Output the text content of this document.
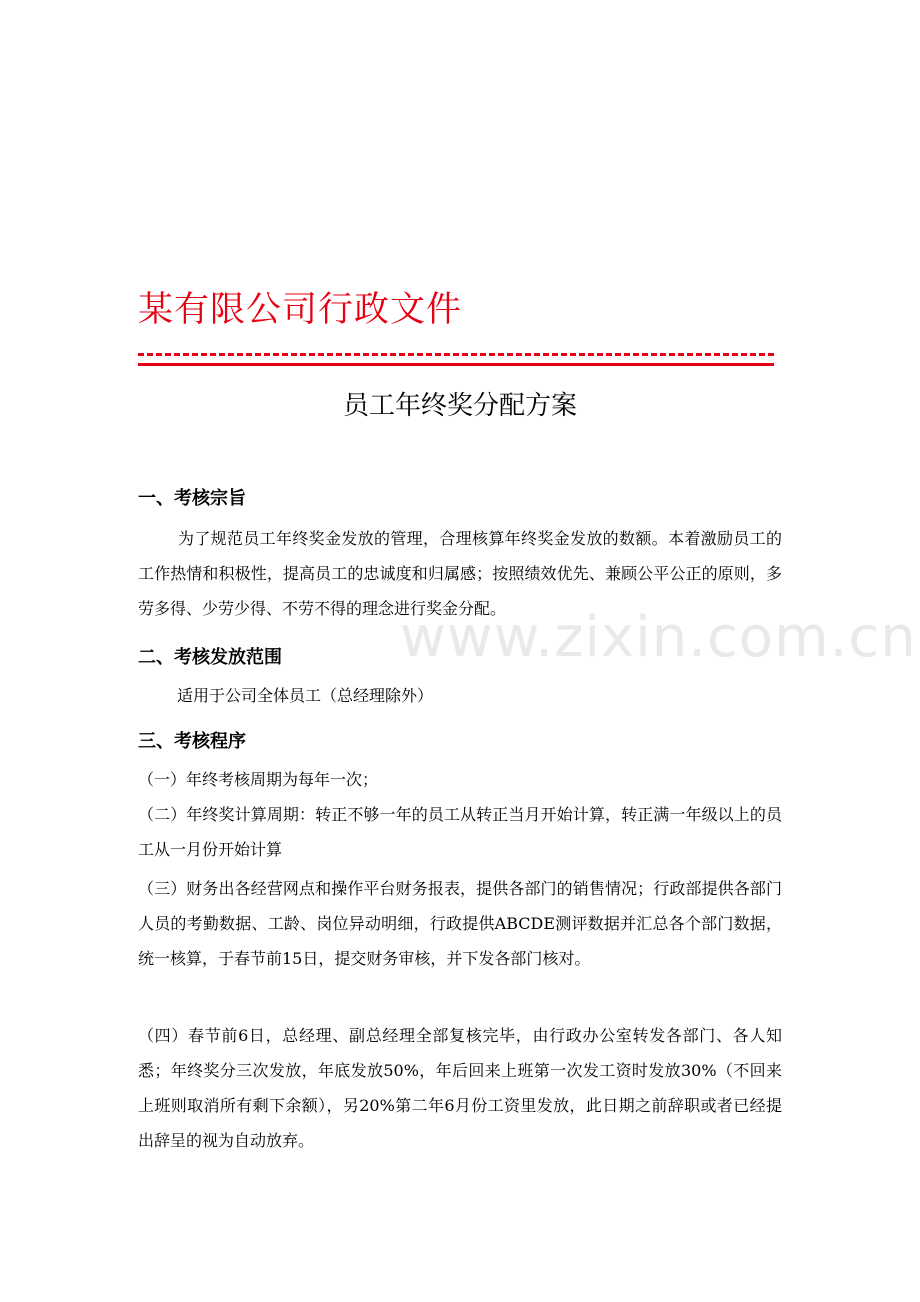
www.zixin.com.cn
某有限公司行政文件
员工年终奖分配方案
一、考核宗旨
为了规范员工年终奖金发放的管理，合理核算年终奖金发放的数额。本着激励员工的工作热情和积极性，提高员工的忠诚度和归属感；按照绩效优先、兼顾公平公正的原则，多劳多得、少劳少得、不劳不得的理念进行奖金分配。
二、考核发放范围
适用于公司全体员工（总经理除外）
三、考核程序
（一）年终考核周期为每年一次；
（二）年终奖计算周期：转正不够一年的员工从转正当月开始计算，转正满一年级以上的员工从一月份开始计算
（三）财务出各经营网点和操作平台财务报表，提供各部门的销售情况；行政部提供各部门人员的考勤数据、工龄、岗位异动明细，行政提供ABCDE测评数据并汇总各个部门数据，统一核算，于春节前15日，提交财务审核，并下发各部门核对。
（四）春节前6日，总经理、副总经理全部复核完毕，由行政办公室转发各部门、各人知悉；年终奖分三次发放，年底发放50%，年后回来上班第一次发工资时发放30%（不回来上班则取消所有剩下余额），另20%第二年6月份工资里发放，此日期之前辞职或者已经提出辞呈的视为自动放弃。
